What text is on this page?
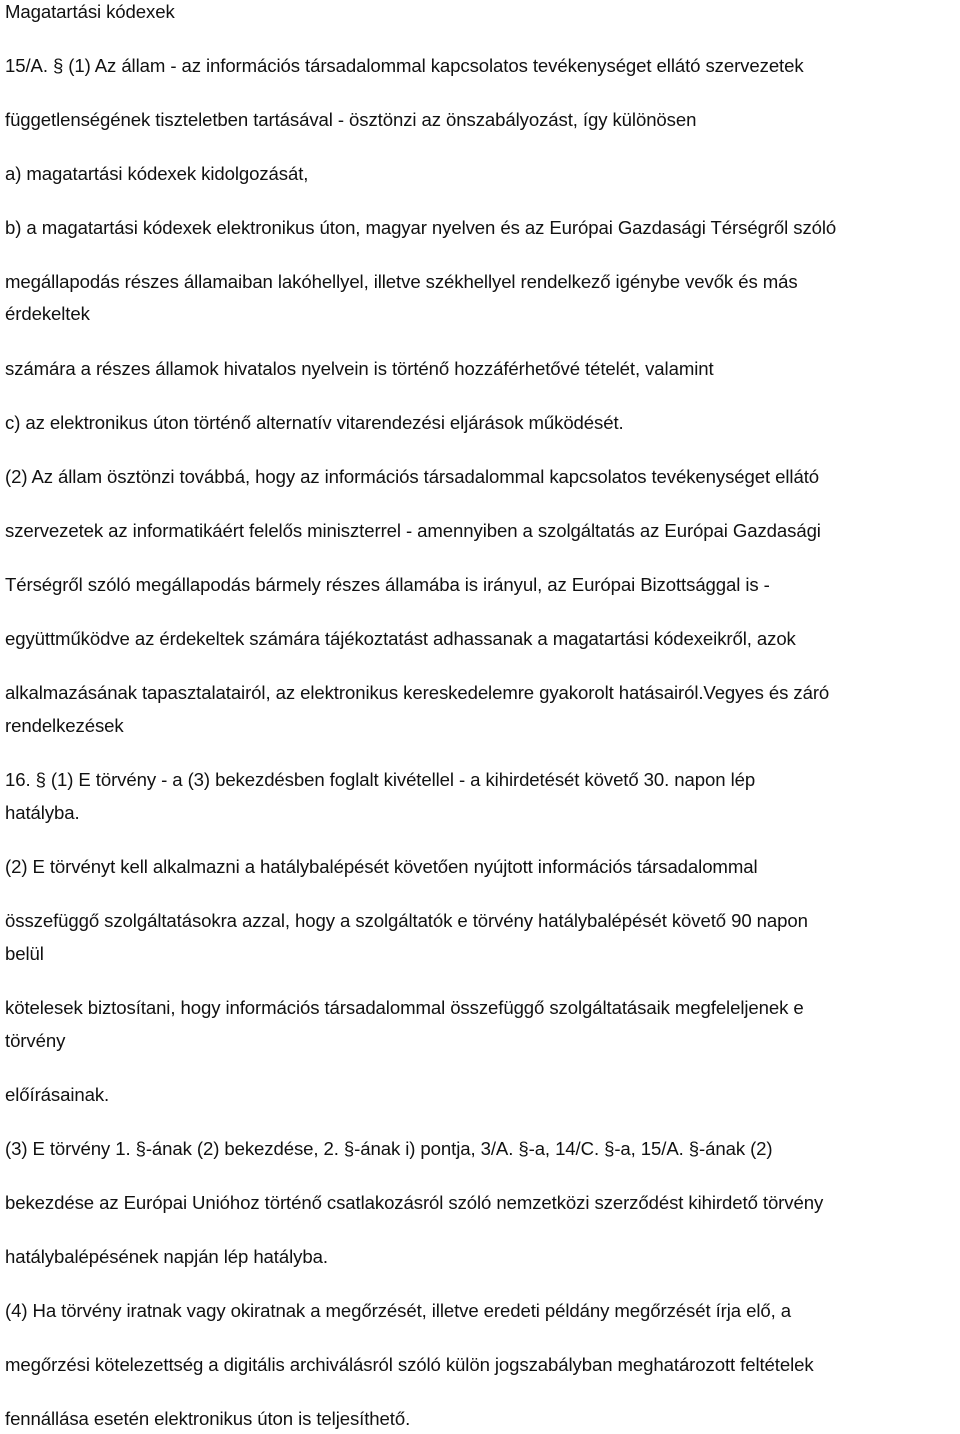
Magatartási kódexek

15/A. § (1) Az állam - az információs társadalommal kapcsolatos tevékenységet ellátó szervezetek

függetlenségének tiszteletben tartásával - ösztönzi az önszabályozást, így különösen

a) magatartási kódexek kidolgozását,

b) a magatartási kódexek elektronikus úton, magyar nyelven és az Európai Gazdasági Térségről szóló

megállapodás részes államaiban lakóhellyel, illetve székhellyel rendelkező igénybe vevők és más

érdekeltek

számára a részes államok hivatalos nyelvein is történő hozzáférhetővé tételét, valamint

c) az elektronikus úton történő alternatív vitarendezési eljárások működését.

(2) Az állam ösztönzi továbbá, hogy az információs társadalommal kapcsolatos tevékenységet ellátó

szervezetek az informatikáért felelős miniszterrel - amennyiben a szolgáltatás az Európai Gazdasági

Térségről szóló megállapodás bármely részes államába is irányul, az Európai Bizottsággal is -

együttműködve az érdekeltek számára tájékoztatást adhassanak a magatartási kódexeikről, azok

alkalmazásának tapasztalatairól, az elektronikus kereskedelemre gyakorolt hatásairól.Vegyes és záró

rendelkezések

16. § (1) E törvény - a (3) bekezdésben foglalt kivétellel - a kihirdetését követő 30. napon lép

hatályba.

(2) E törvényt kell alkalmazni a hatálybalépését követően nyújtott információs társadalommal

összefüggő szolgáltatásokra azzal, hogy a szolgáltatók e törvény hatálybalépését követő 90 napon

belül

kötelesek biztosítani, hogy információs társadalommal összefüggő szolgáltatásaik megfeleljenek e

törvény

előírásainak.

(3) E törvény 1. §-ának (2) bekezdése, 2. §-ának i) pontja, 3/A. §-a, 14/C. §-a, 15/A. §-ának (2)

bekezdése az Európai Unióhoz történő csatlakozásról szóló nemzetközi szerződést kihirdető törvény

hatálybalépésének napján lép hatályba.

(4) Ha törvény iratnak vagy okiratnak a megőrzését, illetve eredeti példány megőrzését írja elő, a

megőrzési kötelezettség a digitális archiválásról szóló külön jogszabályban meghatározott feltételek

fennállása esetén elektronikus úton is teljesíthető.
